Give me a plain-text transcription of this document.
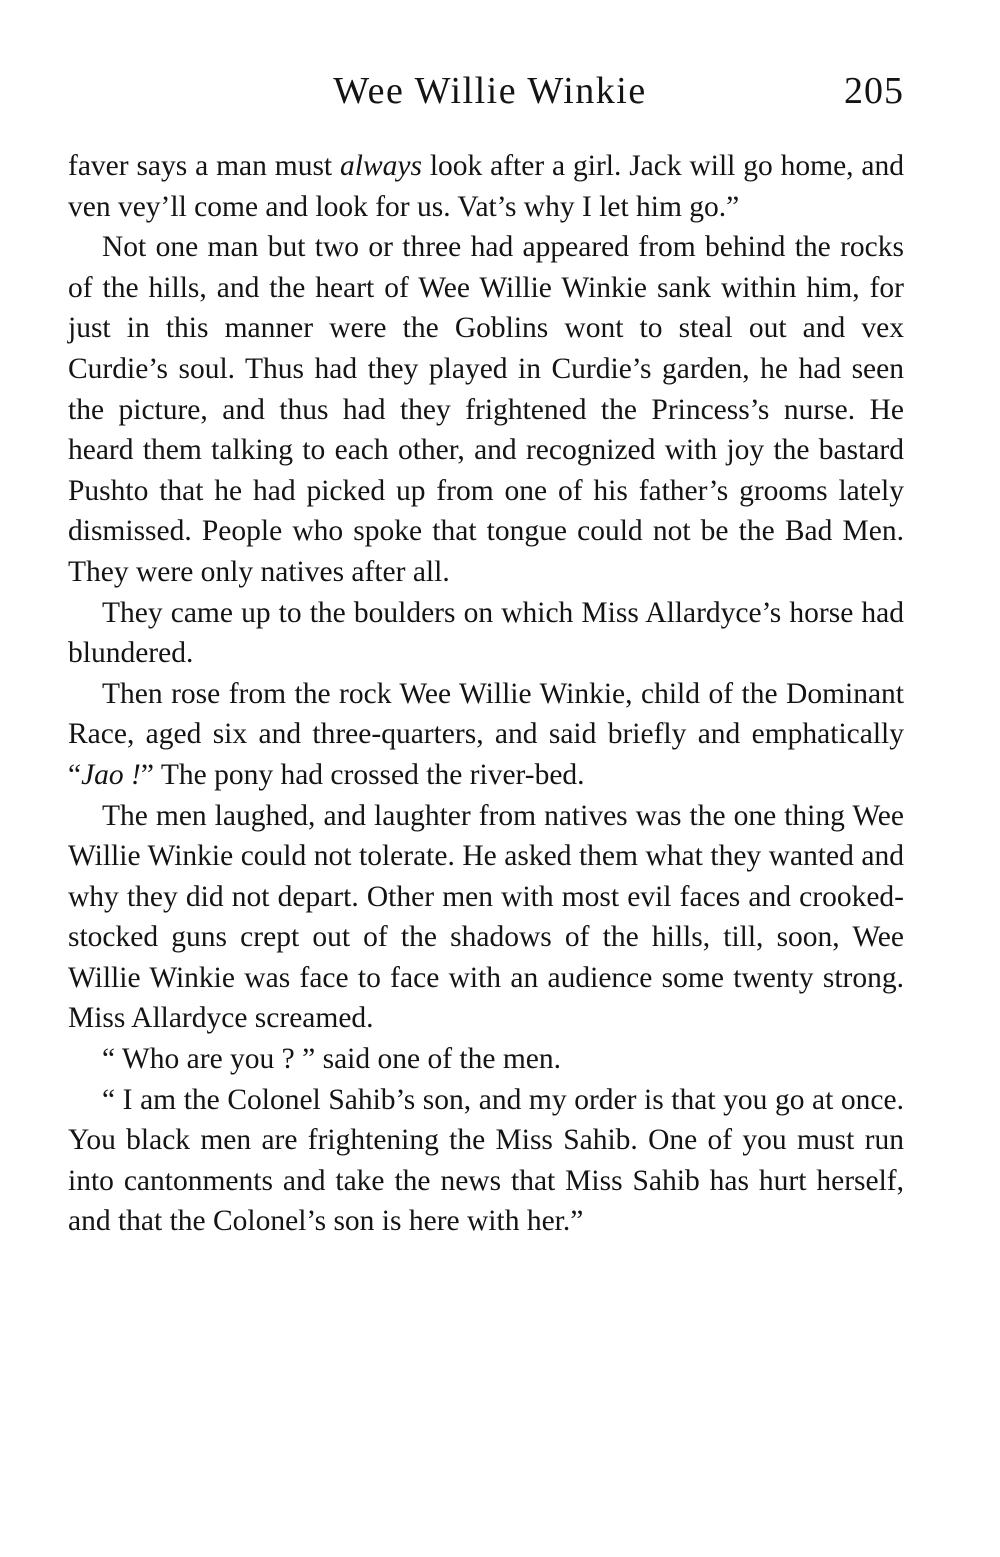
Wee Willie Winkie	205

faver says a man must always look after a girl. Jack will go home, and ven vey’ll come and look for us. Vat’s why I let him go.”

Not one man but two or three had appeared from behind the rocks of the hills, and the heart of Wee Willie Winkie sank within him, for just in this manner were the Goblins wont to steal out and vex Curdie’s soul. Thus had they played in Curdie’s garden, he had seen the picture, and thus had they frightened the Princess’s nurse. He heard them talking to each other, and recognized with joy the bastard Pushto that he had picked up from one of his father’s grooms lately dismissed. People who spoke that tongue could not be the Bad Men. They were only natives after all.

They came up to the boulders on which Miss Allardyce’s horse had blundered.

Then rose from the rock Wee Willie Winkie, child of the Dominant Race, aged six and three-quarters, and said briefly and emphatically “Jao !” The pony had crossed the river-bed.

The men laughed, and laughter from natives was the one thing Wee Willie Winkie could not tolerate. He asked them what they wanted and why they did not depart. Other men with most evil faces and crooked-stocked guns crept out of the shadows of the hills, till, soon, Wee Willie Winkie was face to face with an audience some twenty strong. Miss Allardyce screamed.

“ Who are you ? ” said one of the men.

“ I am the Colonel Sahib’s son, and my order is that you go at once. You black men are frightening the Miss Sahib. One of you must run into cantonments and take the news that Miss Sahib has hurt herself, and that the Colonel’s son is here with her.”
